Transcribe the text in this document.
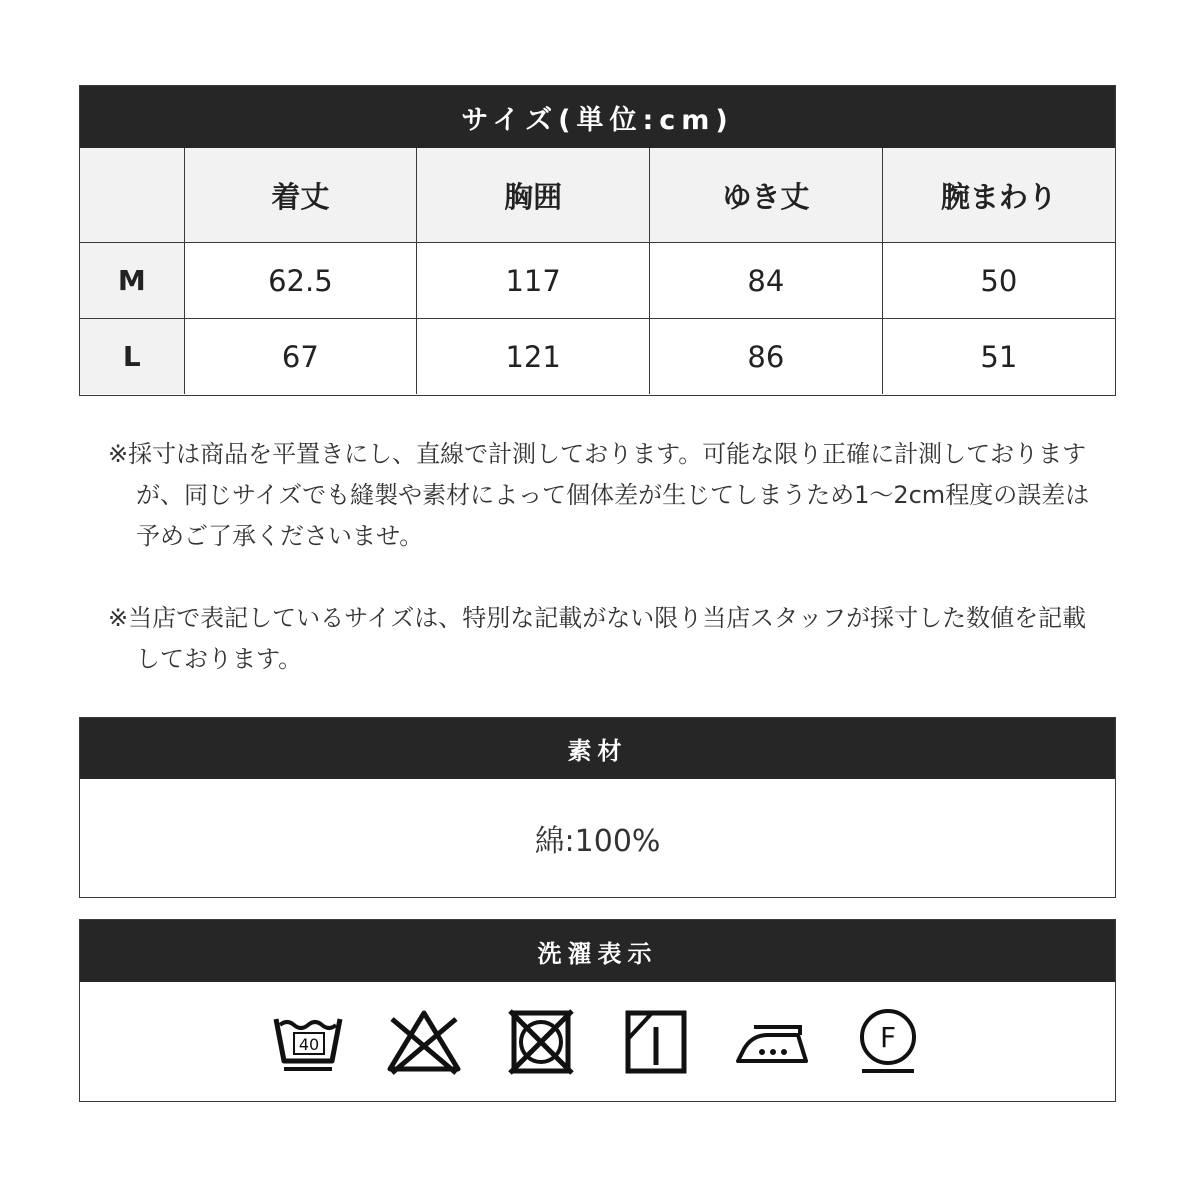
サイズ(単位:cm)
	着丈	胸囲	ゆき丈	腕まわり
M	62.5	117	84	50
L	67	121	86	51

※採寸は商品を平置きにし、直線で計測しております。可能な限り正確に計測しておりますが、同じサイズでも縫製や素材によって個体差が生じてしまうため1〜2cm程度の誤差は予めご了承くださいませ。

※当店で表記しているサイズは、特別な記載がない限り当店スタッフが採寸した数値を記載しております。

素材
綿:100%
洗濯表示
40	F
